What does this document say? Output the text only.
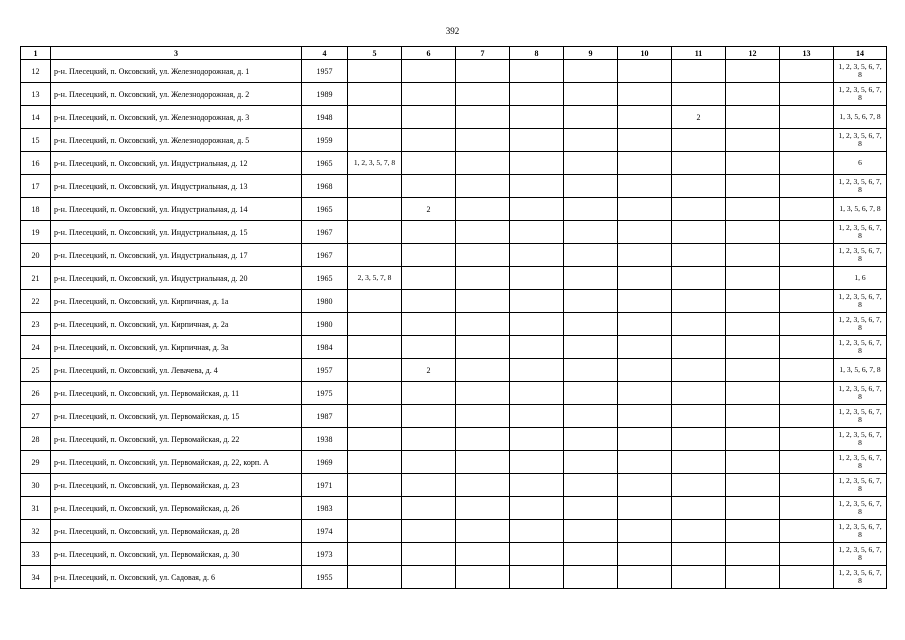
392
1	3	4	5	6	7	8	9	10	11	12	13	14
12	р-н. Плесецкий, п. Оксовский, ул. Железнодорожная, д. 1	1957										1, 2, 3, 5, 6, 7, 8
13	р-н. Плесецкий, п. Оксовский, ул. Железнодорожная, д. 2	1989										1, 2, 3, 5, 6, 7, 8
14	р-н. Плесецкий, п. Оксовский, ул. Железнодорожная, д. 3	1948							2			1, 3, 5, 6, 7, 8
15	р-н. Плесецкий, п. Оксовский, ул. Железнодорожная, д. 5	1959										1, 2, 3, 5, 6, 7, 8
16	р-н. Плесецкий, п. Оксовский, ул. Индустриальная, д. 12	1965	1, 2, 3, 5, 7, 8									6
17	р-н. Плесецкий, п. Оксовский, ул. Индустриальная, д. 13	1968										1, 2, 3, 5, 6, 7, 8
18	р-н. Плесецкий, п. Оксовский, ул. Индустриальная, д. 14	1965		2								1, 3, 5, 6, 7, 8
19	р-н. Плесецкий, п. Оксовский, ул. Индустриальная, д. 15	1967										1, 2, 3, 5, 6, 7, 8
20	р-н. Плесецкий, п. Оксовский, ул. Индустриальная, д. 17	1967										1, 2, 3, 5, 6, 7, 8
21	р-н. Плесецкий, п. Оксовский, ул. Индустриальная, д. 20	1965	2, 3, 5, 7, 8									1, 6
22	р-н. Плесецкий, п. Оксовский, ул. Кирпичная, д. 1а	1980										1, 2, 3, 5, 6, 7, 8
23	р-н. Плесецкий, п. Оксовский, ул. Кирпичная, д. 2а	1980										1, 2, 3, 5, 6, 7, 8
24	р-н. Плесецкий, п. Оксовский, ул. Кирпичная, д. 3а	1984										1, 2, 3, 5, 6, 7, 8
25	р-н. Плесецкий, п. Оксовский, ул. Левачева, д. 4	1957		2								1, 3, 5, 6, 7, 8
26	р-н. Плесецкий, п. Оксовский, ул. Первомайская, д. 11	1975										1, 2, 3, 5, 6, 7, 8
27	р-н. Плесецкий, п. Оксовский, ул. Первомайская, д. 15	1987										1, 2, 3, 5, 6, 7, 8
28	р-н. Плесецкий, п. Оксовский, ул. Первомайская, д. 22	1938										1, 2, 3, 5, 6, 7, 8
29	р-н. Плесецкий, п. Оксовский, ул. Первомайская, д. 22, корп. А	1969										1, 2, 3, 5, 6, 7, 8
30	р-н. Плесецкий, п. Оксовский, ул. Первомайская, д. 23	1971										1, 2, 3, 5, 6, 7, 8
31	р-н. Плесецкий, п. Оксовский, ул. Первомайская, д. 26	1983										1, 2, 3, 5, 6, 7, 8
32	р-н. Плесецкий, п. Оксовский, ул. Первомайская, д. 28	1974										1, 2, 3, 5, 6, 7, 8
33	р-н. Плесецкий, п. Оксовский, ул. Первомайская, д. 30	1973										1, 2, 3, 5, 6, 7, 8
34	р-н. Плесецкий, п. Оксовский, ул. Садовая, д. 6	1955										1, 2, 3, 5, 6, 7, 8
